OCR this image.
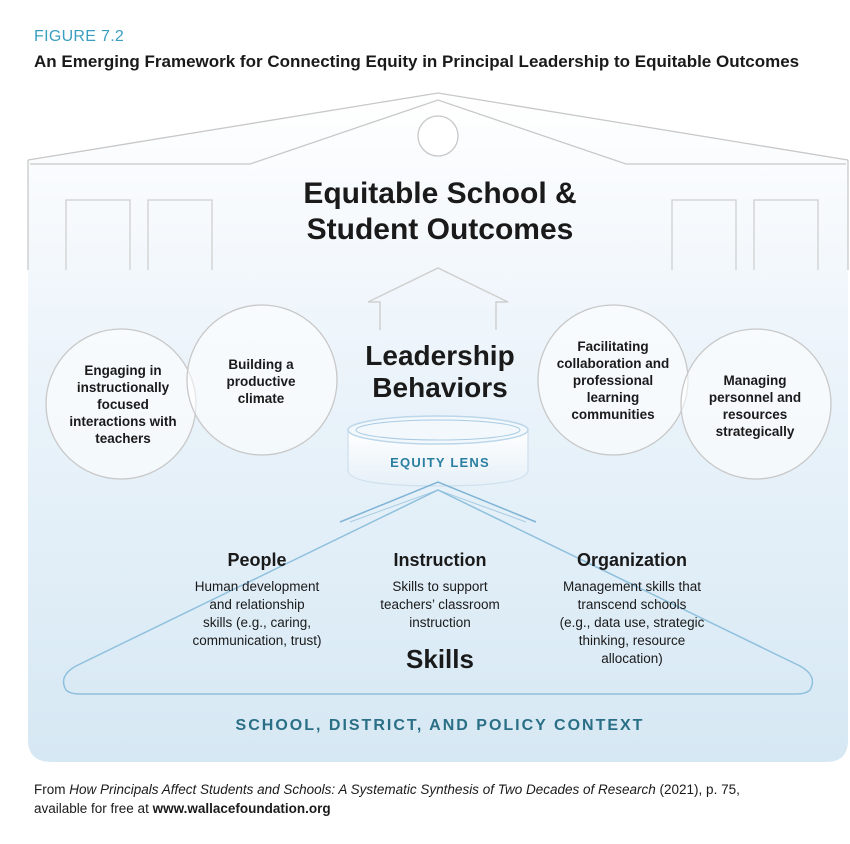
FIGURE 7.2
An Emerging Framework for Connecting Equity in Principal Leadership to Equitable Outcomes
Equitable School &
Student Outcomes
Leadership
Behaviors
EQUITY LENS
Engaging in
instructionally
focused
interactions with
teachers
Building a
productive
climate
Facilitating
collaboration and
professional
learning
communities
Managing
personnel and
resources
strategically
People
Human development
and relationship
skills (e.g., caring,
communication, trust)
Instruction
Skills to support
teachers’ classroom
instruction
Organization
Management skills that
transcend schools
(e.g., data use, strategic
thinking, resource
allocation)
Skills
SCHOOL, DISTRICT, AND POLICY CONTEXT
From How Principals Affect Students and Schools: A Systematic Synthesis of Two Decades of Research (2021), p. 75,
available for free at www.wallacefoundation.org
